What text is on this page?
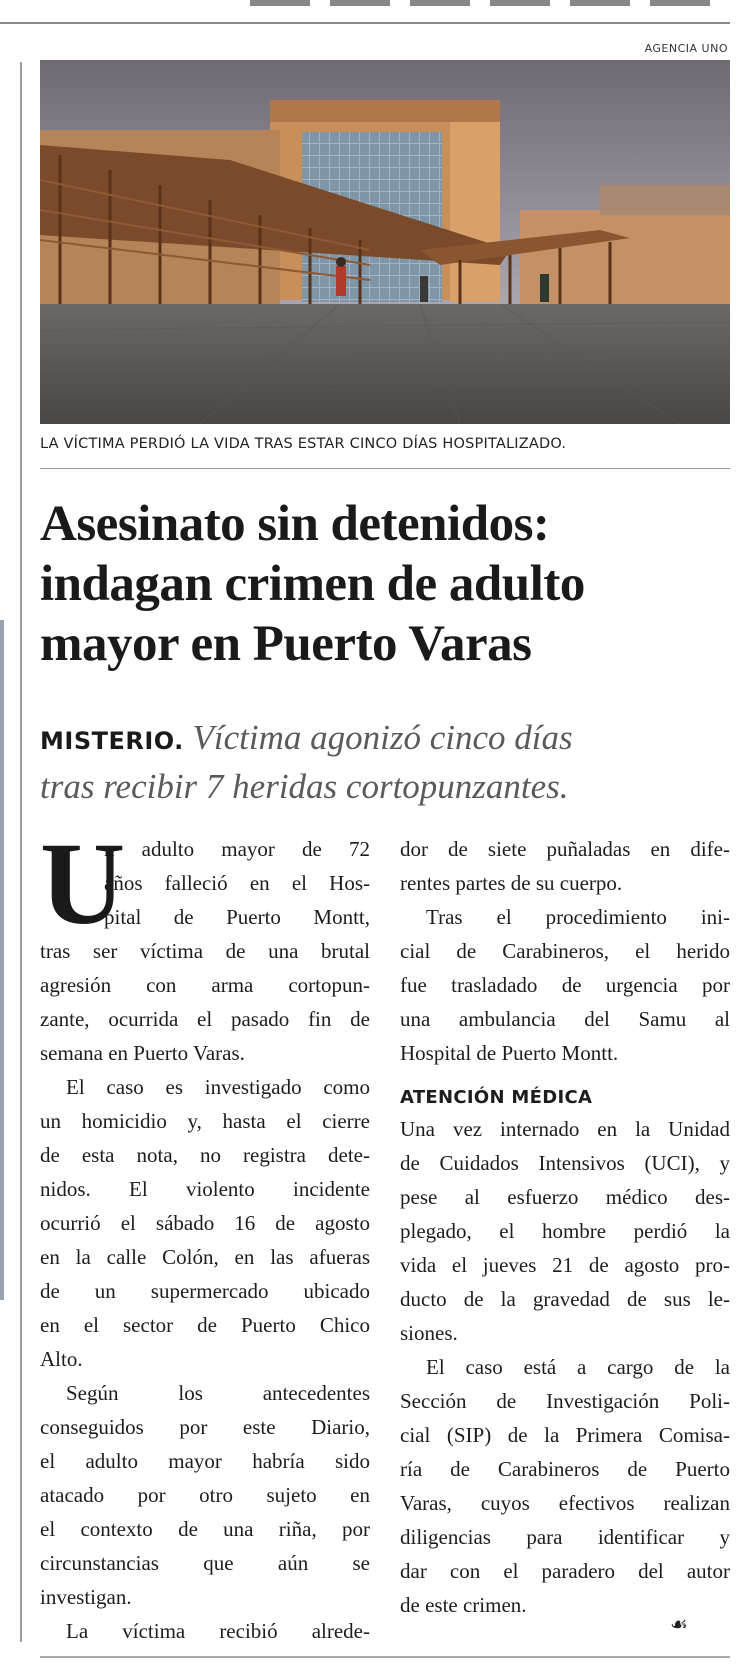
AGENCIA UNO
LA VÍCTIMA PERDIÓ LA VIDA TRAS ESTAR CINCO DÍAS HOSPITALIZADO.
Asesinato sin detenidos:
indagan crimen de adulto
mayor en Puerto Varas
MISTERIO. Víctima agonizó cinco días
tras recibir 7 heridas cortopunzantes.
U
n adulto mayor de 72
años falleció en el Hos-
pital de Puerto Montt,
tras ser víctima de una brutal
agresión con arma cortopun-
zante, ocurrida el pasado fin de
semana en Puerto Varas.
El caso es investigado como
un homicidio y, hasta el cierre
de esta nota, no registra dete-
nidos. El violento incidente
ocurrió el sábado 16 de agosto
en la calle Colón, en las afueras
de un supermercado ubicado
en el sector de Puerto Chico
Alto.
Según los antecedentes
conseguidos por este Diario,
el adulto mayor habría sido
atacado por otro sujeto en
el contexto de una riña, por
circunstancias que aún se
investigan.
La víctima recibió alrede-
dor de siete puñaladas en dife-
rentes partes de su cuerpo.
Tras el procedimiento ini-
cial de Carabineros, el herido
fue trasladado de urgencia por
una ambulancia del Samu al
Hospital de Puerto Montt.
ATENCIÓN MÉDICA
Una vez internado en la Unidad
de Cuidados Intensivos (UCI), y
pese al esfuerzo médico des-
plegado, el hombre perdió la
vida el jueves 21 de agosto pro-
ducto de la gravedad de sus le-
siones.
El caso está a cargo de la
Sección de Investigación Poli-
cial (SIP) de la Primera Comisa-
ría de Carabineros de Puerto
Varas, cuyos efectivos realizan
diligencias para identificar y
dar con el paradero del autor
de este crimen.
☙
